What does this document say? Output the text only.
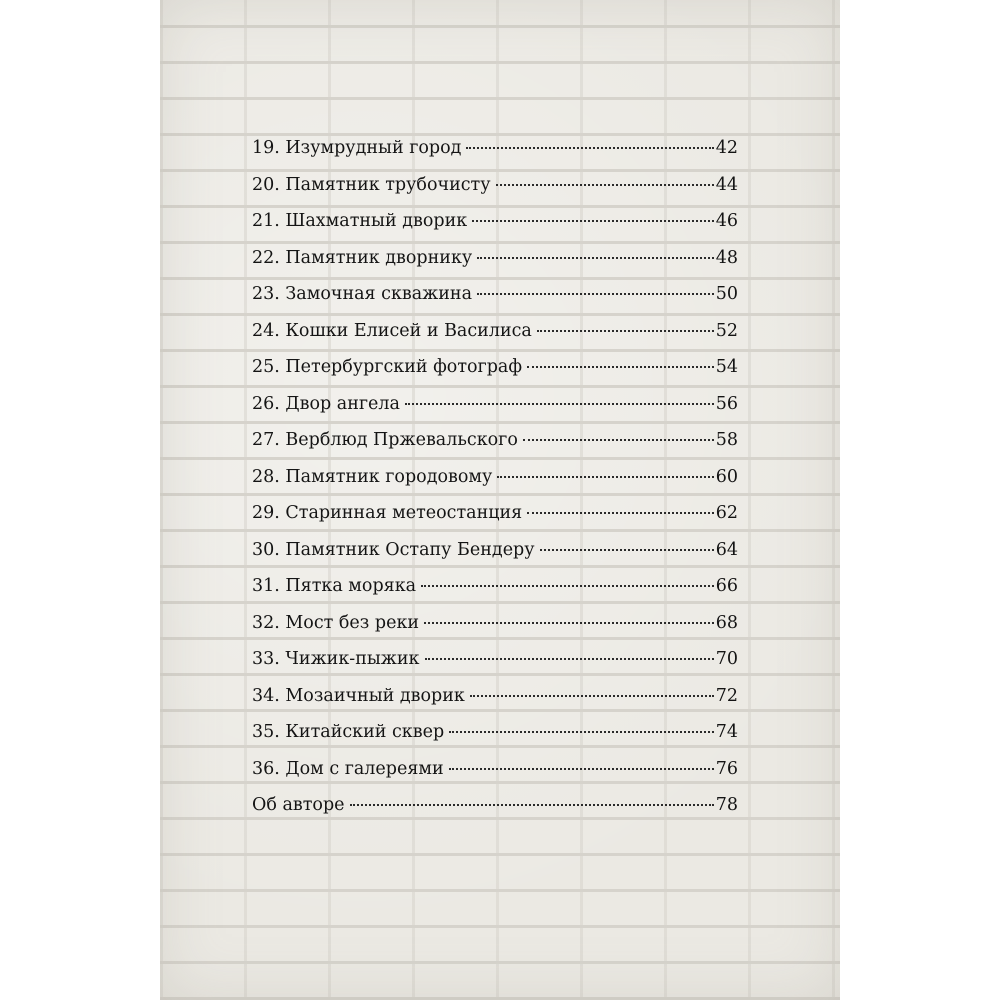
19. Изумрудный город	42
20. Памятник трубочисту	44
21. Шахматный дворик	46
22. Памятник дворнику	48
23. Замочная скважина	50
24. Кошки Елисей и Василиса	52
25. Петербургский фотограф	54
26. Двор ангела	56
27. Верблюд Пржевальского	58
28. Памятник городовому	60
29. Старинная метеостанция	62
30. Памятник Остапу Бендеру	64
31. Пятка моряка	66
32. Мост без реки	68
33. Чижик-пыжик	70
34. Мозаичный дворик	72
35. Китайский сквер	74
36. Дом с галереями	76
Об авторе	78
